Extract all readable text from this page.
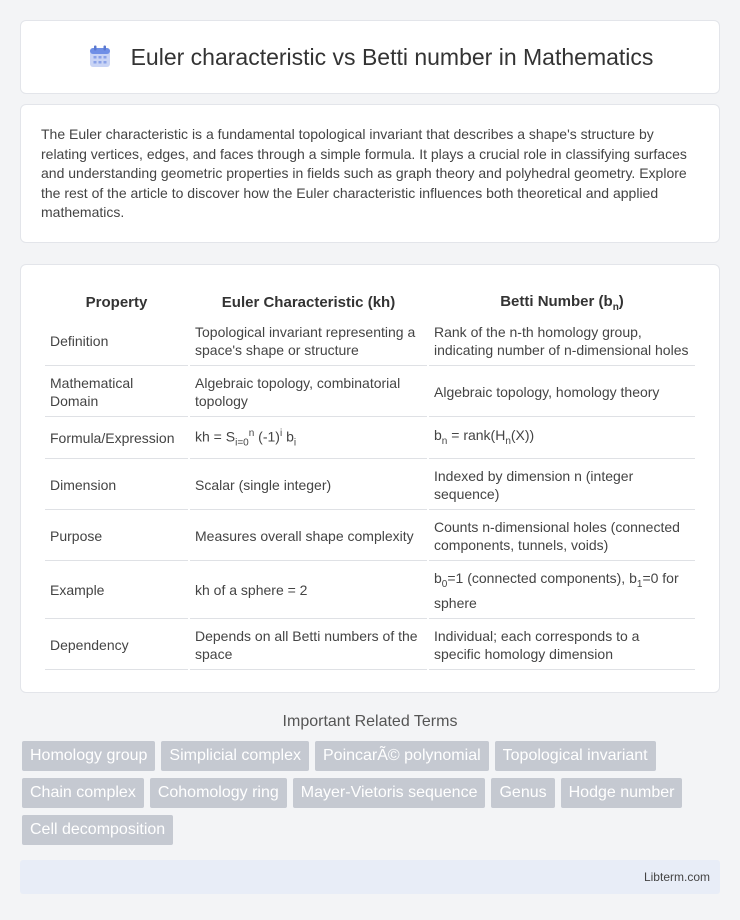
Euler characteristic vs Betti number in Mathematics

The Euler characteristic is a fundamental topological invariant that describes a shape's structure by relating vertices, edges, and faces through a simple formula. It plays a crucial role in classifying surfaces and understanding geometric properties in fields such as graph theory and polyhedral geometry. Explore the rest of the article to discover how the Euler characteristic influences both theoretical and applied mathematics.

Property	Euler Characteristic (kh)	Betti Number $(b_n)$
Definition	Topological invariant representing a space's shape or structure	Rank of the n-th homology group, indicating number of n-dimensional holes
Mathematical Domain	Algebraic topology, combinatorial topology	Algebraic topology, homology theory
Formula/Expression	kh = $S_{i=0}^n$ $(-1)^i$ $b_i$	$b_n$ = $rank(H_n(X))$
Dimension	Scalar (single integer)	Indexed by dimension n (integer sequence)
Purpose	Measures overall shape complexity	Counts n-dimensional holes (connected components, tunnels, voids)
Example	kh of a sphere = 2	$b_0=1$ (connected components), $b_1=0$ for sphere
Dependency	Depends on all Betti numbers of the space	Individual; each corresponds to a specific homology dimension
Important Related Terms
Homology group	Simplicial complex	PoincarÃ© polynomial	Topological invariant
Chain complex	Cohomology ring	Mayer-Vietoris sequence	Genus	Hodge number
Cell decomposition
Libterm.com
